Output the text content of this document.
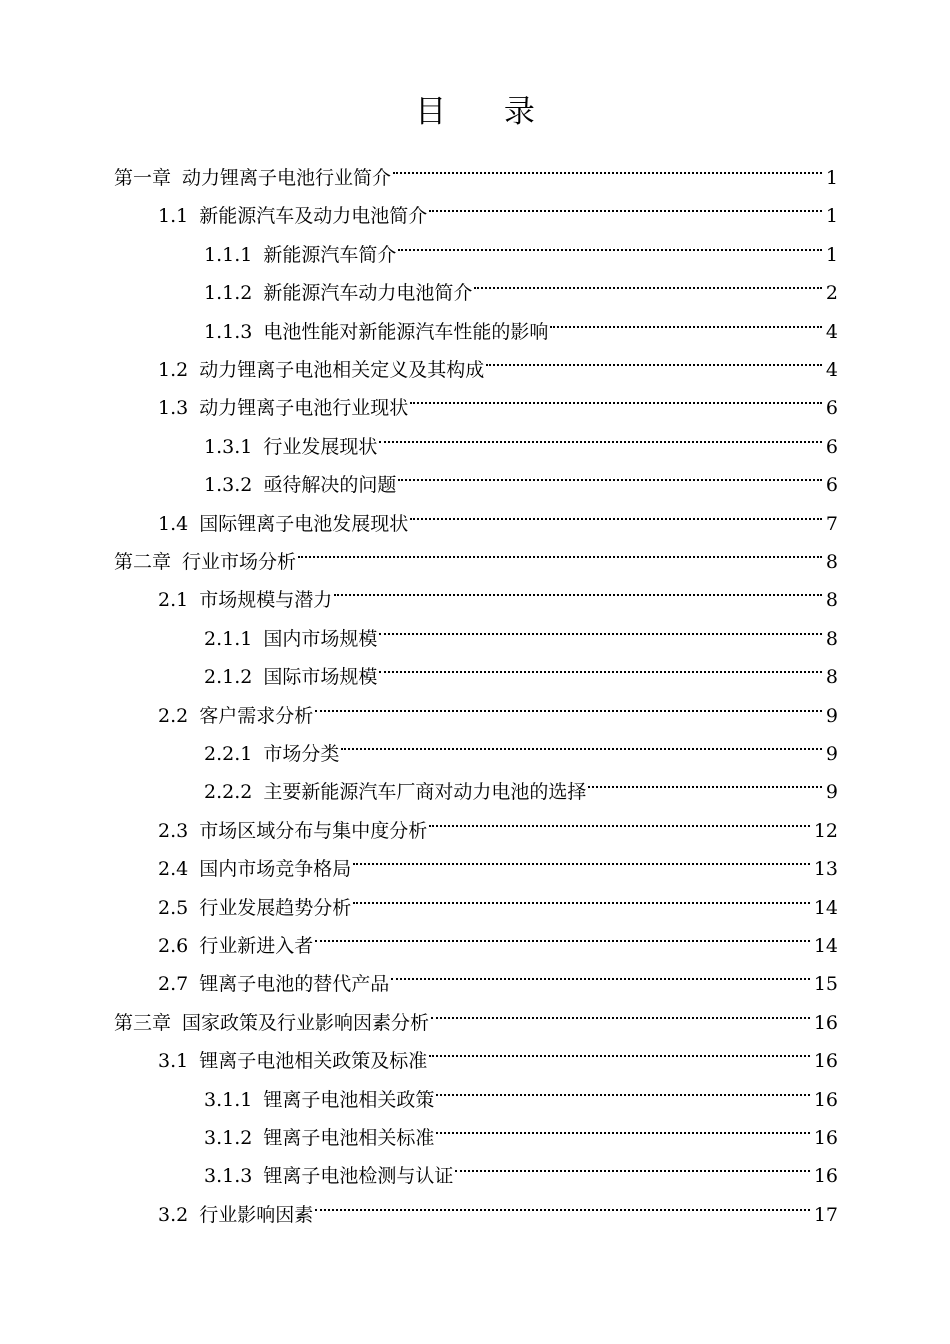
目 录
第一章 动力锂离子电池行业简介	1
1.1 新能源汽车及动力电池简介	1
1.1.1 新能源汽车简介	1
1.1.2 新能源汽车动力电池简介	2
1.1.3 电池性能对新能源汽车性能的影响	4
1.2 动力锂离子电池相关定义及其构成	4
1.3 动力锂离子电池行业现状	6
1.3.1 行业发展现状	6
1.3.2 亟待解决的问题	6
1.4 国际锂离子电池发展现状	7
第二章 行业市场分析	8
2.1 市场规模与潜力	8
2.1.1 国内市场规模	8
2.1.2 国际市场规模	8
2.2 客户需求分析	9
2.2.1 市场分类	9
2.2.2 主要新能源汽车厂商对动力电池的选择	9
2.3 市场区域分布与集中度分析	12
2.4 国内市场竞争格局	13
2.5 行业发展趋势分析	14
2.6 行业新进入者	14
2.7 锂离子电池的替代产品	15
第三章 国家政策及行业影响因素分析	16
3.1 锂离子电池相关政策及标准	16
3.1.1 锂离子电池相关政策	16
3.1.2 锂离子电池相关标准	16
3.1.3 锂离子电池检测与认证	16
3.2 行业影响因素	17
